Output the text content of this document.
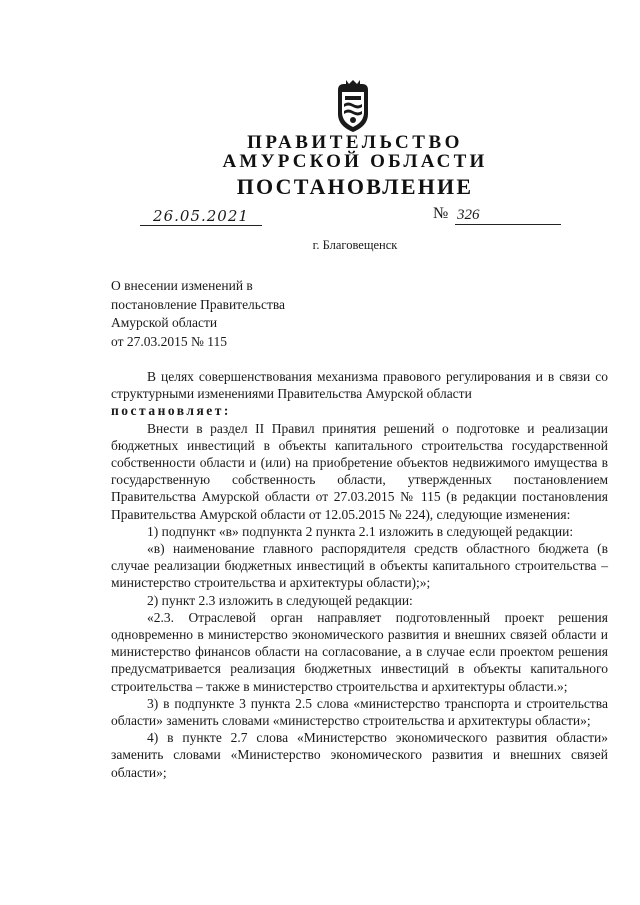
ПРАВИТЕЛЬСТВО
АМУРСКОЙ ОБЛАСТИ
ПОСТАНОВЛЕНИЕ
26.05.2021	№ 326
г. Благовещенск
О внесении изменений в
постановление Правительства
Амурской области
от 27.03.2015 № 115

В целях совершенствования механизма правового регулирования и в связи со структурными изменениями Правительства Амурской области

постановляет:

Внести в раздел II Правил принятия решений о подготовке и реализации бюджетных инвестиций в объекты капитального строительства государственной собственности области и (или) на приобретение объектов недвижимого имущества в государственную собственность области, утвержденных постановлением Правительства Амурской области от 27.03.2015 № 115 (в редакции постановления Правительства Амурской области от 12.05.2015 № 224), следующие изменения:

1) подпункт «в» подпункта 2 пункта 2.1 изложить в следующей редакции:

«в) наименование главного распорядителя средств областного бюджета (в случае реализации бюджетных инвестиций в объекты капитального строительства – министерство строительства и архитектуры области);»;

2) пункт 2.3 изложить в следующей редакции:

«2.3. Отраслевой орган направляет подготовленный проект решения одновременно в министерство экономического развития и внешних связей области и министерство финансов области на согласование, а в случае если проектом решения предусматривается реализация бюджетных инвестиций в объекты капитального строительства – также в министерство строительства и архитектуры области.»;

3) в подпункте 3 пункта 2.5 слова «министерство транспорта и строительства области» заменить словами «министерство строительства и архитектуры области»;

4) в пункте 2.7 слова «Министерство экономического развития области» заменить словами «Министерство экономического развития и внешних связей области»;
